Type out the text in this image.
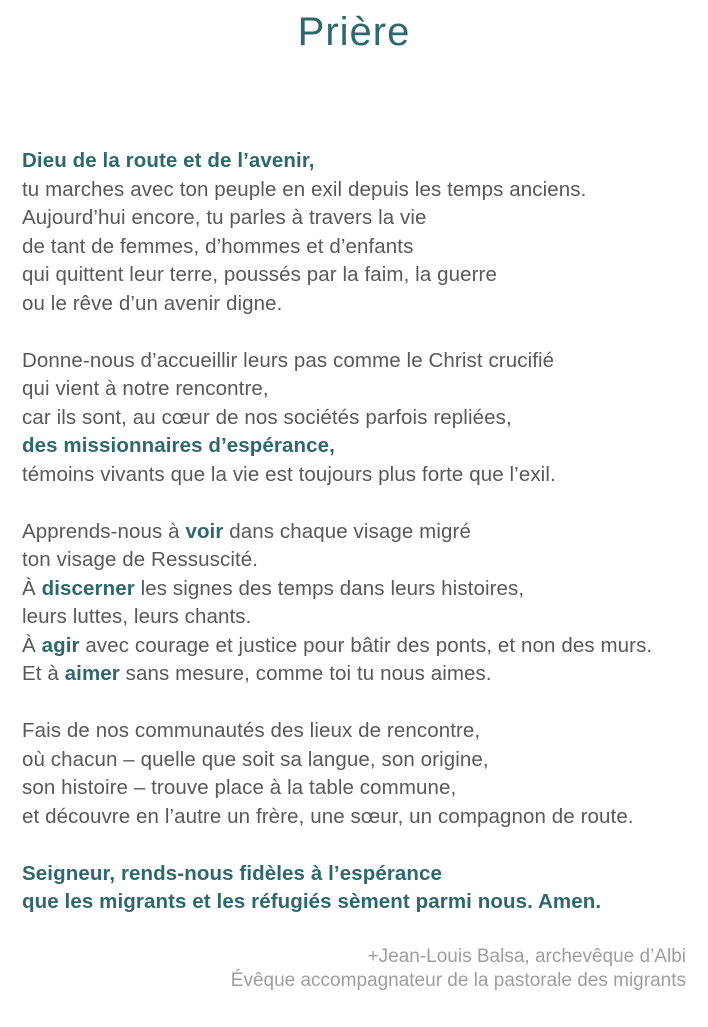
Prière

Dieu de la route et de l’avenir,
tu marches avec ton peuple en exil depuis les temps anciens.
Aujourd’hui encore, tu parles à travers la vie
de tant de femmes, d’hommes et d’enfants
qui quittent leur terre, poussés par la faim, la guerre
ou le rêve d’un avenir digne.

Donne-nous d’accueillir leurs pas comme le Christ crucifié
qui vient à notre rencontre,
car ils sont, au cœur de nos sociétés parfois repliées,
des missionnaires d’espérance,
témoins vivants que la vie est toujours plus forte que l’exil.

Apprends-nous à voir dans chaque visage migré
ton visage de Ressuscité.
À discerner les signes des temps dans leurs histoires,
leurs luttes, leurs chants.
À agir avec courage et justice pour bâtir des ponts, et non des murs.
Et à aimer sans mesure, comme toi tu nous aimes.

Fais de nos communautés des lieux de rencontre,
où chacun – quelle que soit sa langue, son origine,
son histoire – trouve place à la table commune,
et découvre en l’autre un frère, une sœur, un compagnon de route.

Seigneur, rends-nous fidèles à l’espérance
que les migrants et les réfugiés sèment parmi nous. Amen.

+Jean-Louis Balsa, archevêque d’Albi
Évêque accompagnateur de la pastorale des migrants
